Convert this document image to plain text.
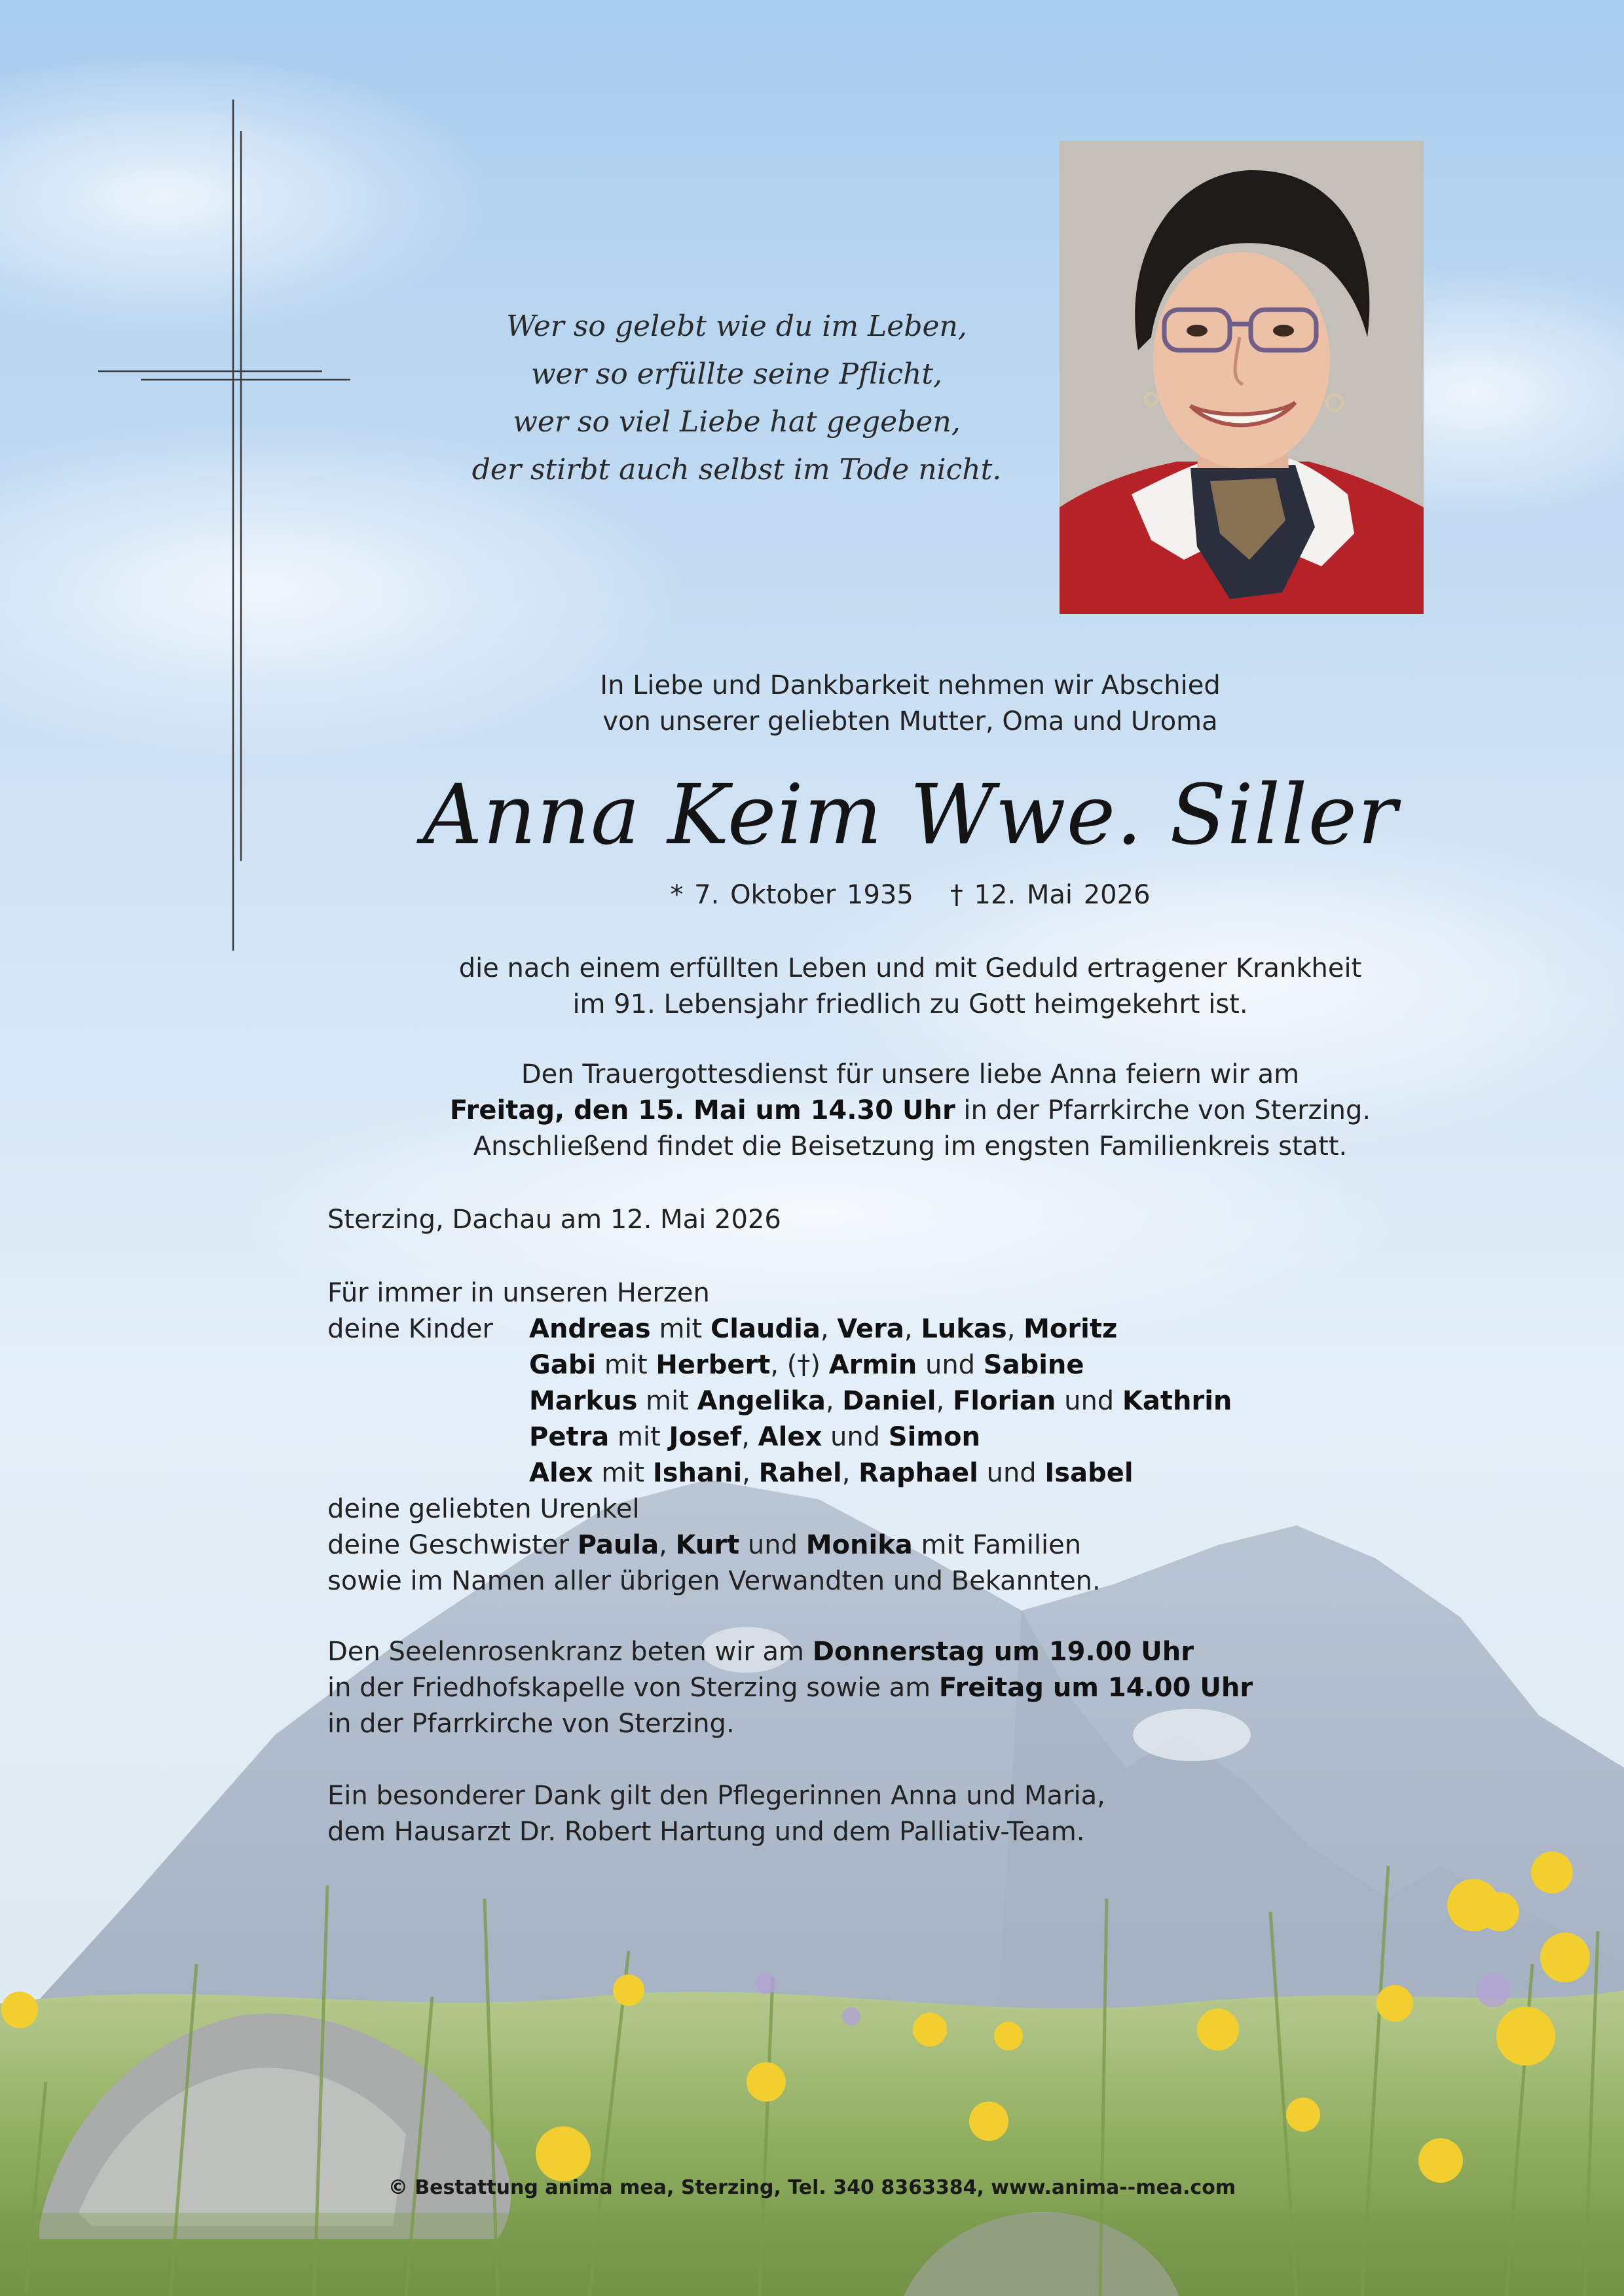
Wer so gelebt wie du im Leben,
wer so erfüllte seine Pflicht,
wer so viel Liebe hat gegeben,
der stirbt auch selbst im Tode nicht.
In Liebe und Dankbarkeit nehmen wir Abschied
von unserer geliebten Mutter, Oma und Uroma
Anna Keim Wwe. Siller
* 7. Oktober 1935 † 12. Mai 2026
die nach einem erfüllten Leben und mit Geduld ertragener Krankheit
im 91. Lebensjahr friedlich zu Gott heimgekehrt ist.
Den Trauergottesdienst für unsere liebe Anna feiern wir am
Freitag, den 15. Mai um 14.30 Uhr in der Pfarrkirche von Sterzing.
Anschließend findet die Beisetzung im engsten Familienkreis statt.
Sterzing, Dachau am 12. Mai 2026
Für immer in unseren Herzen
deine Kinder Andreas mit Claudia, Vera, Lukas, Moritz
Gabi mit Herbert, (†) Armin und Sabine
Markus mit Angelika, Daniel, Florian und Kathrin
Petra mit Josef, Alex und Simon
Alex mit Ishani, Rahel, Raphael und Isabel
deine geliebten Urenkel
deine Geschwister Paula, Kurt und Monika mit Familien
sowie im Namen aller übrigen Verwandten und Bekannten.
Den Seelenrosenkranz beten wir am Donnerstag um 19.00 Uhr
in der Friedhofskapelle von Sterzing sowie am Freitag um 14.00 Uhr
in der Pfarrkirche von Sterzing.
Ein besonderer Dank gilt den Pflegerinnen Anna und Maria,
dem Hausarzt Dr. Robert Hartung und dem Palliativ-Team.
© Bestattung anima mea, Sterzing, Tel. 340 8363384, www.anima--mea.com
